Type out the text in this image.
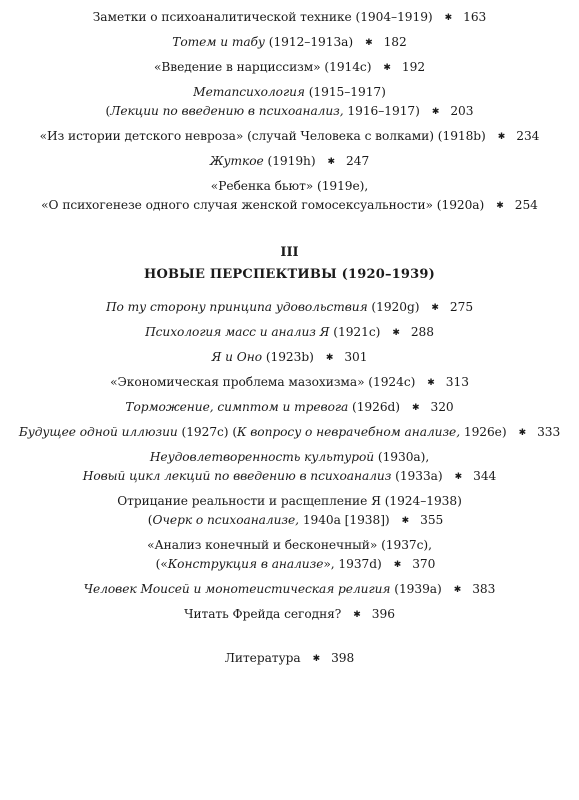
Заметки о психоаналитической технике (1904–1919) ✱ 163
Тотем и табу (1912–1913a) ✱ 182
«Введение в нарциссизм» (1914c) ✱ 192
Метапсихология (1915–1917)
(Лекции по введению в психоанализ, 1916–1917) ✱ 203
«Из истории детского невроза» (случай Человека с волками) (1918b) ✱ 234
Жуткое (1919h) ✱ 247
«Ребенка бьют» (1919e),
«О психогенезе одного случая женской гомосексуальности» (1920a) ✱ 254
III
НОВЫЕ ПЕРСПЕКТИВЫ (1920–1939)
По ту сторону принципа удовольствия (1920g) ✱ 275
Психология масс и анализ Я (1921c) ✱ 288
Я и Оно (1923b) ✱ 301
«Экономическая проблема мазохизма» (1924c) ✱ 313
Торможение, симптом и тревога (1926d) ✱ 320
Будущее одной иллюзии (1927c) (К вопросу о неврачебном анализе, 1926e) ✱ 333
Неудовлетворенность культурой (1930a),
Новый цикл лекций по введению в психоанализ (1933a) ✱ 344
Отрицание реальности и расщепление Я (1924–1938)
(Очерк о психоанализе, 1940a [1938]) ✱ 355
«Анализ конечный и бесконечный» (1937c),
(«Конструкция в анализе», 1937d) ✱ 370
Человек Моисей и монотеистическая религия (1939a) ✱ 383
Читать Фрейда сегодня? ✱ 396
Литература ✱ 398
